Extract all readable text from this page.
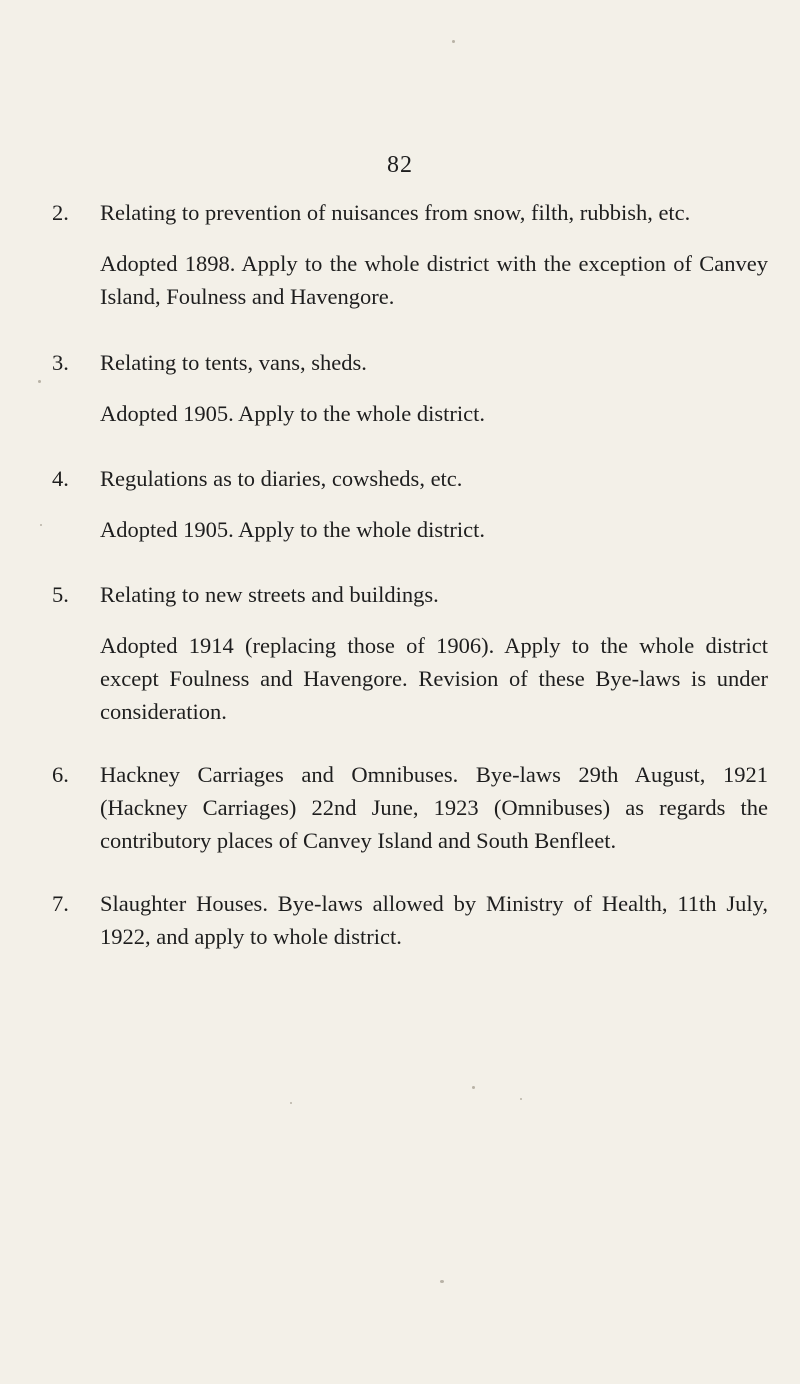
82
2. Relating to prevention of nuisances from snow, filth, rubbish, etc.

Adopted 1898. Apply to the whole district with the exception of Canvey Island, Foulness and Havengore.

3. Relating to tents, vans, sheds.

Adopted 1905. Apply to the whole district.

4. Regulations as to diaries, cowsheds, etc.

Adopted 1905. Apply to the whole district.

5. Relating to new streets and buildings.

Adopted 1914 (replacing those of 1906). Apply to the whole district except Foulness and Havengore. Revision of these Bye-laws is under consideration.

6. Hackney Carriages and Omnibuses. Bye-laws 29th August, 1921 (Hackney Carriages) 22nd June, 1923 (Omnibuses) as regards the contributory places of Canvey Island and South Benfleet.

7. Slaughter Houses. Bye-laws allowed by Ministry of Health, 11th July, 1922, and apply to whole district.
